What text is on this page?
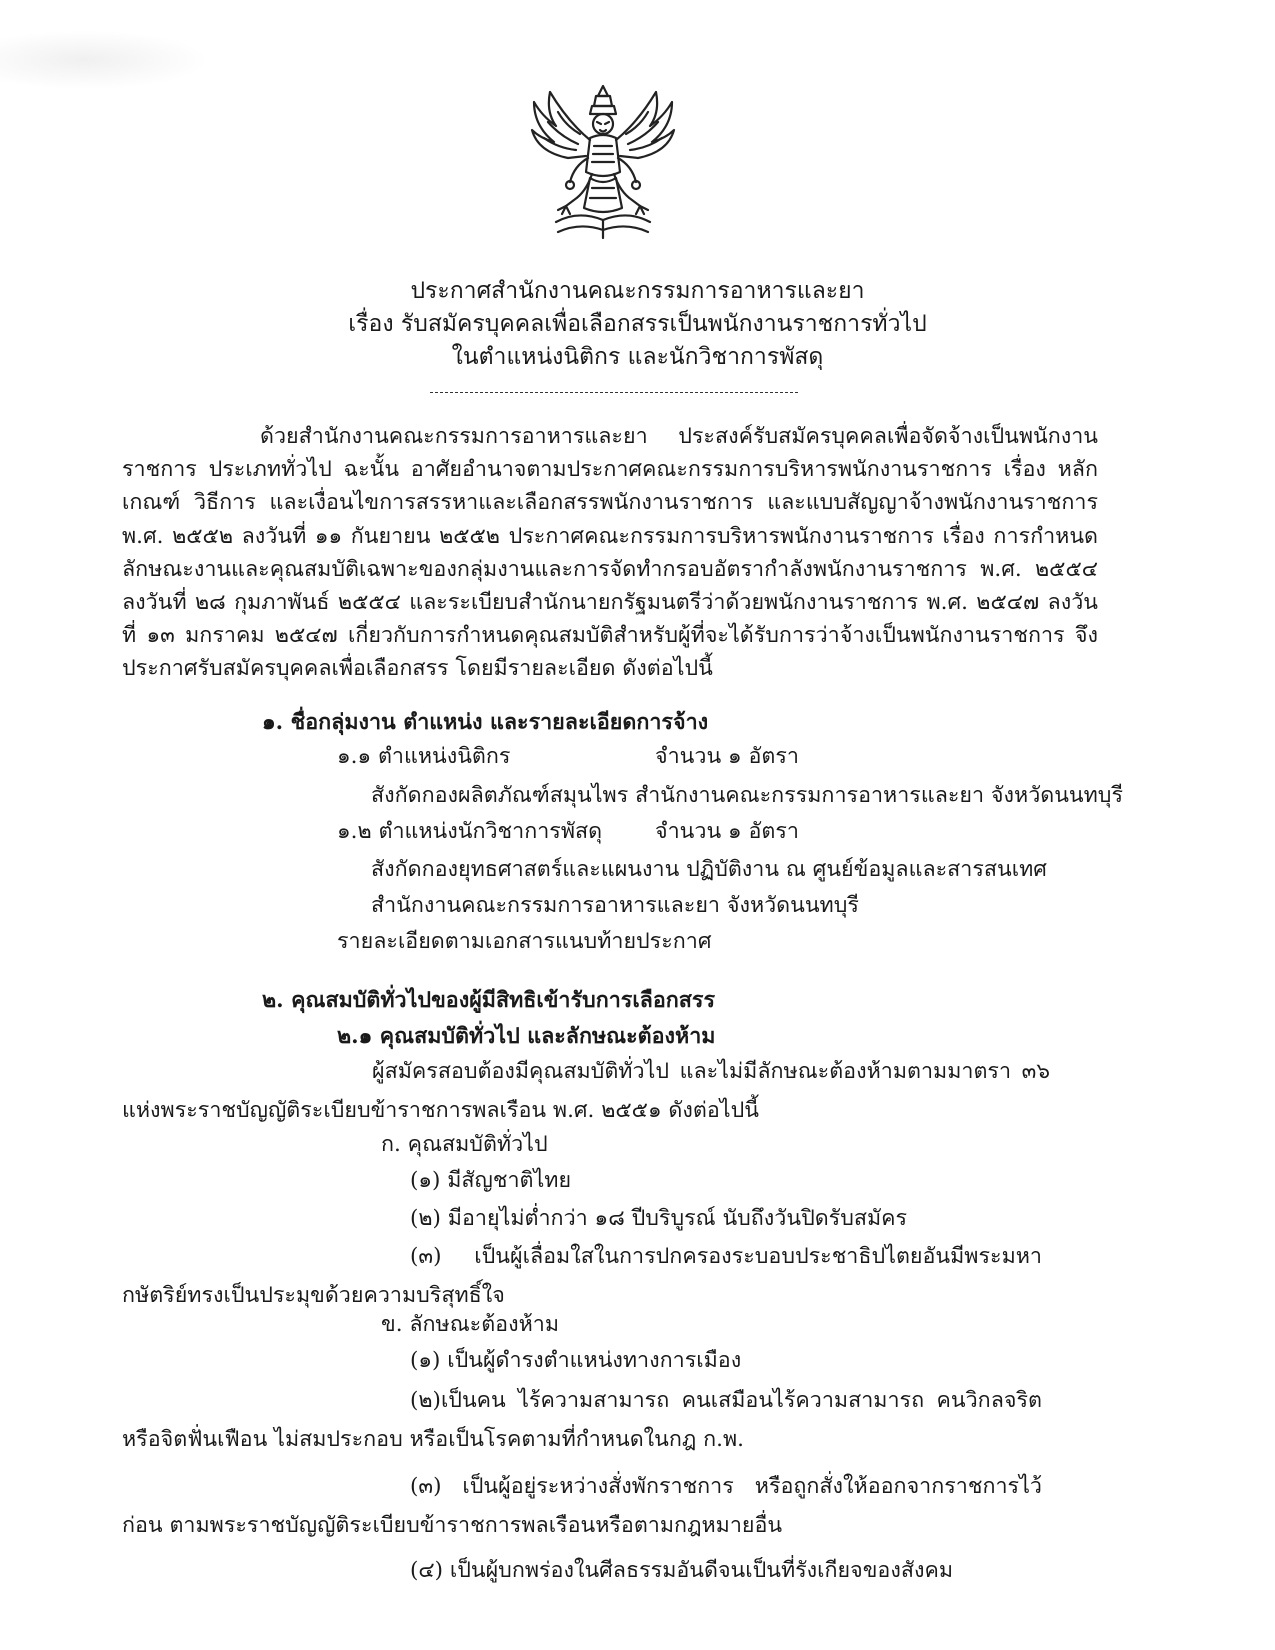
ประกาศสำนักงานคณะกรรมการอาหารและยา
เรื่อง รับสมัครบุคคลเพื่อเลือกสรรเป็นพนักงานราชการทั่วไป
ในตำแหน่งนิติกร และนักวิชาการพัสดุ
ด้วยสำนักงานคณะกรรมการอาหารและยา ประสงค์รับสมัครบุคคลเพื่อจัดจ้างเป็นพนักงานราชการ ประเภททั่วไป ฉะนั้น อาศัยอำนาจตามประกาศคณะกรรมการบริหารพนักงานราชการ เรื่อง หลักเกณฑ์ วิธีการ และเงื่อนไขการสรรหาและเลือกสรรพนักงานราชการ และแบบสัญญาจ้างพนักงานราชการ พ.ศ. ๒๕๕๒ ลงวันที่ ๑๑ กันยายน ๒๕๕๒ ประกาศคณะกรรมการบริหารพนักงานราชการ เรื่อง การกำหนดลักษณะงานและคุณสมบัติเฉพาะของกลุ่มงานและการจัดทำกรอบอัตรากำลังพนักงานราชการ พ.ศ. ๒๕๕๔ ลงวันที่ ๒๘ กุมภาพันธ์ ๒๕๕๔ และระเบียบสำนักนายกรัฐมนตรีว่าด้วยพนักงานราชการ พ.ศ. ๒๕๔๗ ลงวันที่ ๑๓ มกราคม ๒๕๔๗ เกี่ยวกับการกำหนดคุณสมบัติสำหรับผู้ที่จะได้รับการว่าจ้างเป็นพนักงานราชการ จึงประกาศรับสมัครบุคคลเพื่อเลือกสรร โดยมีรายละเอียด ดังต่อไปนี้
๑. ชื่อกลุ่มงาน ตำแหน่ง และรายละเอียดการจ้าง
๑.๑ ตำแหน่งนิติกร	จำนวน ๑ อัตรา
สังกัดกองผลิตภัณฑ์สมุนไพร สำนักงานคณะกรรมการอาหารและยา จังหวัดนนทบุรี
๑.๒ ตำแหน่งนักวิชาการพัสดุ จำนวน ๑ อัตรา
สังกัดกองยุทธศาสตร์และแผนงาน ปฏิบัติงาน ณ ศูนย์ข้อมูลและสารสนเทศ
สำนักงานคณะกรรมการอาหารและยา จังหวัดนนทบุรี
รายละเอียดตามเอกสารแนบท้ายประกาศ
๒. คุณสมบัติทั่วไปของผู้มีสิทธิเข้ารับการเลือกสรร
๒.๑ คุณสมบัติทั่วไป และลักษณะต้องห้าม
ผู้สมัครสอบต้องมีคุณสมบัติทั่วไป และไม่มีลักษณะต้องห้ามตามมาตรา ๓๖ แห่งพระราชบัญญัติระเบียบข้าราชการพลเรือน พ.ศ. ๒๕๕๑ ดังต่อไปนี้
ก. คุณสมบัติทั่วไป
(๑) มีสัญชาติไทย
(๒) มีอายุไม่ต่ำกว่า ๑๘ ปีบริบูรณ์ นับถึงวันปิดรับสมัคร
(๓) เป็นผู้เลื่อมใสในการปกครองระบอบประชาธิปไตยอันมีพระมหากษัตริย์ทรงเป็นประมุขด้วยความบริสุทธิ์ใจ
ข. ลักษณะต้องห้าม
(๑) เป็นผู้ดำรงตำแหน่งทางการเมือง
(๒)เป็นคน ไร้ความสามารถ คนเสมือนไร้ความสามารถ คนวิกลจริต หรือจิตฟั่นเฟือน ไม่สมประกอบ หรือเป็นโรคตามที่กำหนดในกฎ ก.พ.
(๓) เป็นผู้อยู่ระหว่างสั่งพักราชการ หรือถูกสั่งให้ออกจากราชการไว้ก่อน ตามพระราชบัญญัติระเบียบข้าราชการพลเรือนหรือตามกฎหมายอื่น
(๔) เป็นผู้บกพร่องในศีลธรรมอันดีจนเป็นที่รังเกียจของสังคม
